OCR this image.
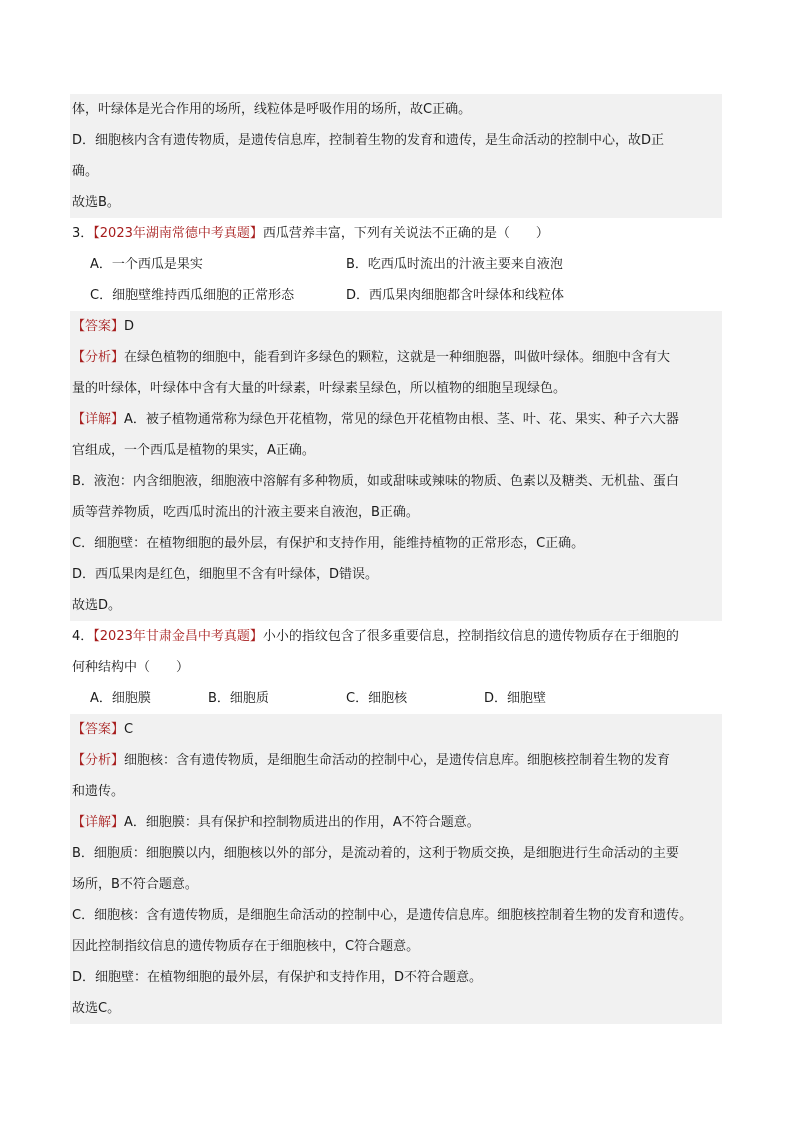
体，叶绿体是光合作用的场所，线粒体是呼吸作用的场所，故C正确。
D．细胞核内含有遗传物质，是遗传信息库，控制着生物的发育和遗传，是生命活动的控制中心，故D正
确。
故选B。
3．【2023年湖南常德中考真题】西瓜营养丰富，下列有关说法不正确的是（　　）
A．一个西瓜是果实	B．吃西瓜时流出的汁液主要来自液泡
C．细胞壁维持西瓜细胞的正常形态	D．西瓜果肉细胞都含叶绿体和线粒体
【答案】D
【分析】在绿色植物的细胞中，能看到许多绿色的颗粒，这就是一种细胞器，叫做叶绿体。细胞中含有大
量的叶绿体，叶绿体中含有大量的叶绿素，叶绿素呈绿色，所以植物的细胞呈现绿色。
【详解】A．被子植物通常称为绿色开花植物，常见的绿色开花植物由根、茎、叶、花、果实、种子六大器
官组成，一个西瓜是植物的果实，A正确。
B．液泡：内含细胞液，细胞液中溶解有多种物质，如或甜味或辣味的物质、色素以及糖类、无机盐、蛋白
质等营养物质，吃西瓜时流出的汁液主要来自液泡，B正确。
C．细胞壁：在植物细胞的最外层，有保护和支持作用，能维持植物的正常形态，C正确。
D．西瓜果肉是红色，细胞里不含有叶绿体，D错误。
故选D。
4．【2023年甘肃金昌中考真题】小小的指纹包含了很多重要信息，控制指纹信息的遗传物质存在于细胞的
何种结构中（　　）
A．细胞膜	B．细胞质	C．细胞核	D．细胞壁
【答案】C
【分析】细胞核：含有遗传物质，是细胞生命活动的控制中心，是遗传信息库。细胞核控制着生物的发育
和遗传。
【详解】A．细胞膜：具有保护和控制物质进出的作用，A不符合题意。
B．细胞质：细胞膜以内，细胞核以外的部分，是流动着的，这利于物质交换，是细胞进行生命活动的主要
场所，B不符合题意。
C．细胞核：含有遗传物质，是细胞生命活动的控制中心，是遗传信息库。细胞核控制着生物的发育和遗传。
因此控制指纹信息的遗传物质存在于细胞核中，C符合题意。
D．细胞壁：在植物细胞的最外层，有保护和支持作用，D不符合题意。
故选C。
